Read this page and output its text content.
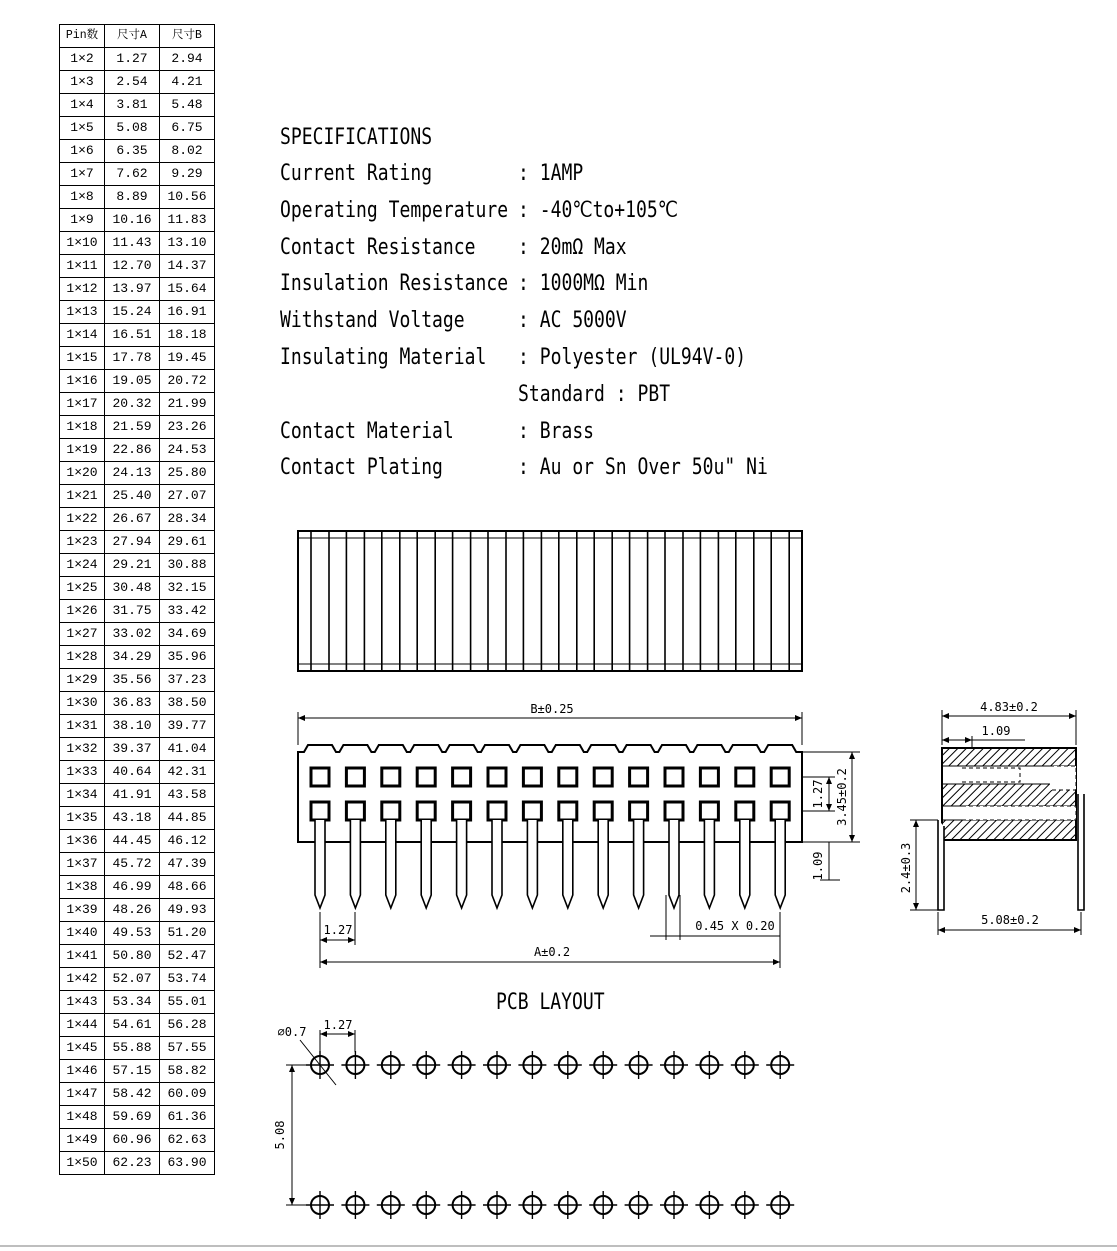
Pin数	尺寸A	尺寸B
1×2	1.27	2.94
1×3	2.54	4.21
1×4	3.81	5.48
1×5	5.08	6.75
1×6	6.35	8.02
1×7	7.62	9.29
1×8	8.89	10.56
1×9	10.16	11.83
1×10	11.43	13.10
1×11	12.70	14.37
1×12	13.97	15.64
1×13	15.24	16.91
1×14	16.51	18.18
1×15	17.78	19.45
1×16	19.05	20.72
1×17	20.32	21.99
1×18	21.59	23.26
1×19	22.86	24.53
1×20	24.13	25.80
1×21	25.40	27.07
1×22	26.67	28.34
1×23	27.94	29.61
1×24	29.21	30.88
1×25	30.48	32.15
1×26	31.75	33.42
1×27	33.02	34.69
1×28	34.29	35.96
1×29	35.56	37.23
1×30	36.83	38.50
1×31	38.10	39.77
1×32	39.37	41.04
1×33	40.64	42.31
1×34	41.91	43.58
1×35	43.18	44.85
1×36	44.45	46.12
1×37	45.72	47.39
1×38	46.99	48.66
1×39	48.26	49.93
1×40	49.53	51.20
1×41	50.80	52.47
1×42	52.07	53.74
1×43	53.34	55.01
1×44	54.61	56.28
1×45	55.88	57.55
1×46	57.15	58.82
1×47	58.42	60.09
1×48	59.69	61.36
1×49	60.96	62.63
1×50	62.23	63.90
SPECIFICATIONS
Current Rating	: 1AMP
Operating Temperature : -40℃to+105℃
Contact Resistance : 20mΩ Max
Insulation Resistance : 1000MΩ Min
Withstand Voltage	: AC 5000V
Insulating Material : Polyester (UL94V-0)
Standard : PBT
Contact Material	: Brass
Contact Plating	: Au or Sn Over 50u" Ni
PCB LAYOUT
B±0.25
A±0.2
1.27	0.45 X 0.20
3.45±0.2
1.27
1.09
4.83±0.2
1.09
2.4±0.3
5.08±0.2
5.08
1.27
∅0.7
